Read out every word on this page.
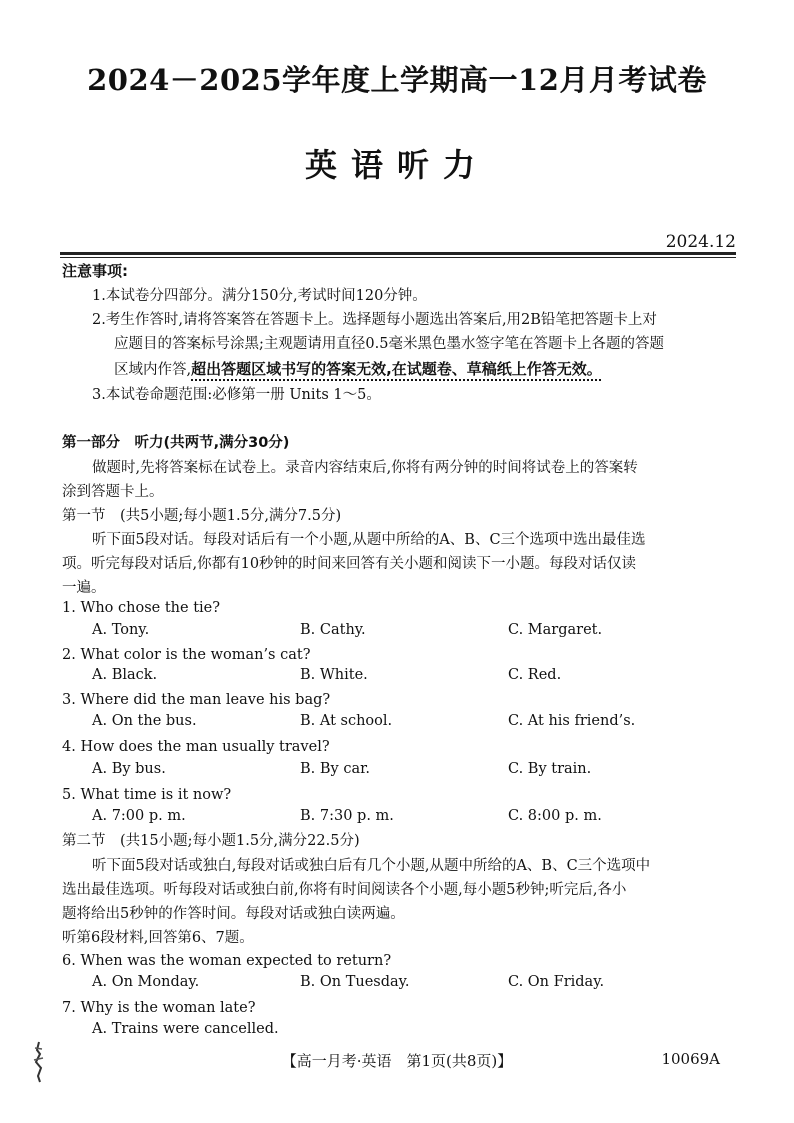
2024－2025学年度上学期高一12月月考试卷
英语听力
2024.12
注意事项:
1.本试卷分四部分。满分150分,考试时间120分钟。
2.考生作答时,请将答案答在答题卡上。选择题每小题选出答案后,用2B铅笔把答题卡上对
应题目的答案标号涂黑;主观题请用直径0.5毫米黑色墨水签字笔在答题卡上各题的答题
区域内作答,超出答题区域书写的答案无效,在试题卷、草稿纸上作答无效。
3.本试卷命题范围:必修第一册 Units 1～5。
第一部分　听力(共两节,满分30分)
做题时,先将答案标在试卷上。录音内容结束后,你将有两分钟的时间将试卷上的答案转
涂到答题卡上。
第一节　(共5小题;每小题1.5分,满分7.5分)
听下面5段对话。每段对话后有一个小题,从题中所给的A、B、C三个选项中选出最佳选
项。听完每段对话后,你都有10秒钟的时间来回答有关小题和阅读下一小题。每段对话仅读
一遍。
1. Who chose the tie?
A. Tony.	B. Cathy.	C. Margaret.
2. What color is the woman’s cat?
A. Black.	B. White.	C. Red.
3. Where did the man leave his bag?
A. On the bus.	B. At school.	C. At his friend’s.
4. How does the man usually travel?
A. By bus.	B. By car.	C. By train.
5. What time is it now?
A. 7:00 p. m.	B. 7:30 p. m.	C. 8:00 p. m.
第二节　(共15小题;每小题1.5分,满分22.5分)
听下面5段对话或独白,每段对话或独白后有几个小题,从题中所给的A、B、C三个选项中
选出最佳选项。听每段对话或独白前,你将有时间阅读各个小题,每小题5秒钟;听完后,各小
题将给出5秒钟的作答时间。每段对话或独白读两遍。
听第6段材料,回答第6、7题。
6. When was the woman expected to return?
A. On Monday.	B. On Tuesday.	C. On Friday.
7. Why is the woman late?
A. Trains were cancelled.
【高一月考·英语　第1页(共8页)】	10069A
